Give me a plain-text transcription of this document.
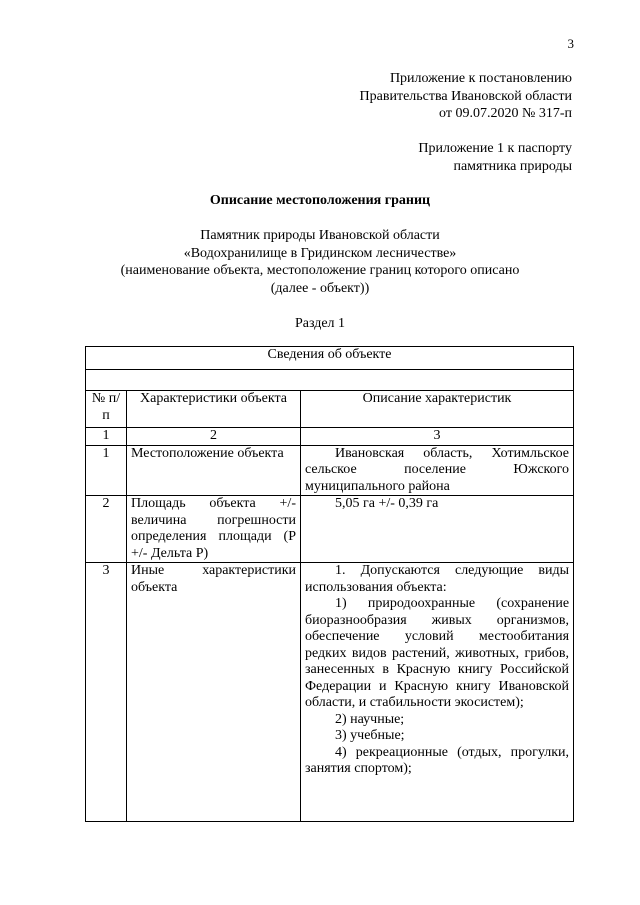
3
Приложение к постановлению
Правительства Ивановской области
от 09.07.2020 № 317-п
Приложение 1 к паспорту
памятника природы
Описание местоположения границ
Памятник природы Ивановской области
«Водохранилище в Гридинском лесничестве»
(наименование объекта, местоположение границ которого описано
(далее - объект))
Раздел 1
Сведения об объекте		

№ п/п	Характеристики объекта	Описание характеристик
1	2	3
1	Местоположение объекта	Ивановская область, Хотимльское сельское поселение Южского муниципального района

2	Площадь объекта +/- величина погрешности определения площади (P +/- Дельта P)	5,05 га +/- 0,39 га

3	Иные характеристики объекта	1. Допускаются следующие виды использования объекта:
1) природоохранные (сохранение биоразнообразия живых организмов, обеспечение условий местообитания редких видов растений, животных, грибов, занесенных в Красную книгу Российской Федерации и Красную книгу Ивановской области, и стабильности экосистем);
2) научные;
3) учебные;
4) рекреационные (отдых, прогулки, занятия спортом);
